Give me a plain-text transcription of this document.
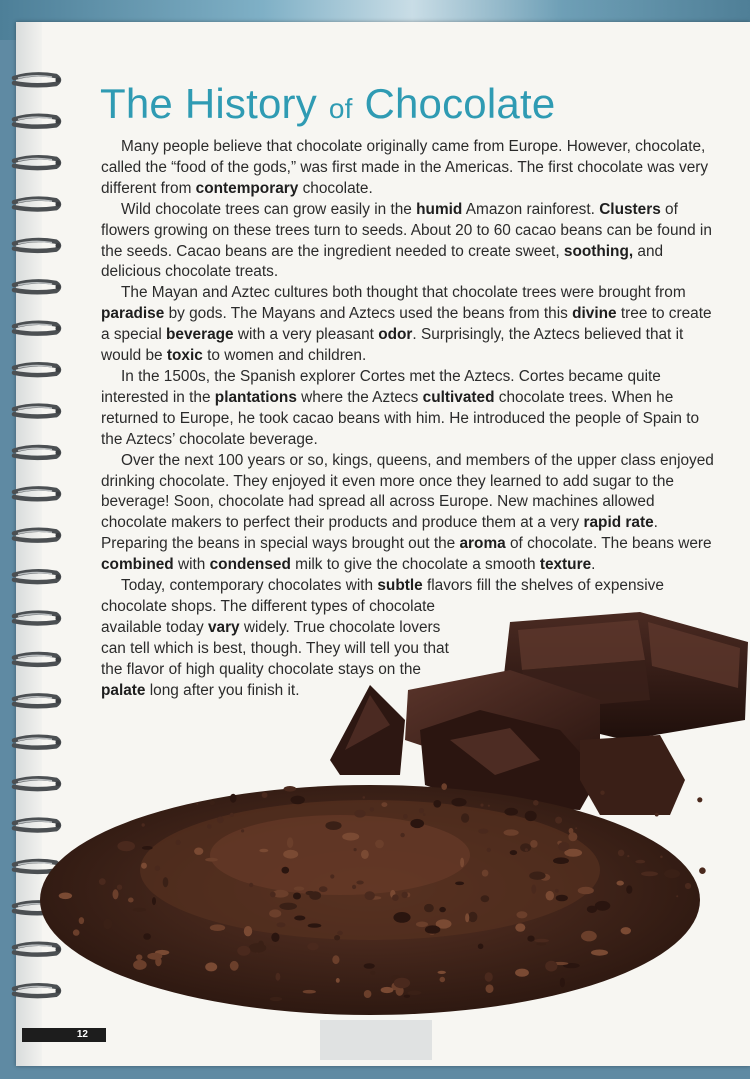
The History of Chocolate

Many people believe that chocolate originally came from Europe. However, chocolate, called the “food of the gods,” was first made in the Americas. The first chocolate was very different from contemporary chocolate.

Wild chocolate trees can grow easily in the humid Amazon rainforest. Clusters of flowers growing on these trees turn to seeds. About 20 to 60 cacao beans can be found in the seeds. Cacao beans are the ingredient needed to create sweet, soothing, and delicious chocolate treats.

The Mayan and Aztec cultures both thought that chocolate trees were brought from paradise by gods. The Mayans and Aztecs used the beans from this divine tree to create a special beverage with a very pleasant odor. Surprisingly, the Aztecs believed that it would be toxic to women and children.

In the 1500s, the Spanish explorer Cortes met the Aztecs. Cortes became quite interested in the plantations where the Aztecs cultivated chocolate trees. When he returned to Europe, he took cacao beans with him. He introduced the people of Spain to the Aztecs’ chocolate beverage.

Over the next 100 years or so, kings, queens, and members of the upper class enjoyed drinking chocolate. They enjoyed it even more once they learned to add sugar to the beverage! Soon, chocolate had spread all across Europe. New machines allowed chocolate makers to perfect their products and produce them at a very rapid rate. Preparing the beans in special ways brought out the aroma of chocolate. The beans were combined with condensed milk to give the chocolate a smooth texture.

Today, contemporary chocolates with subtle flavors fill the shelves of expensive

chocolate shops. The different types of chocolate available today vary widely. True chocolate lovers can tell which is best, though. They will tell you that the flavor of high quality chocolate stays on the palate long after you finish it.

12
